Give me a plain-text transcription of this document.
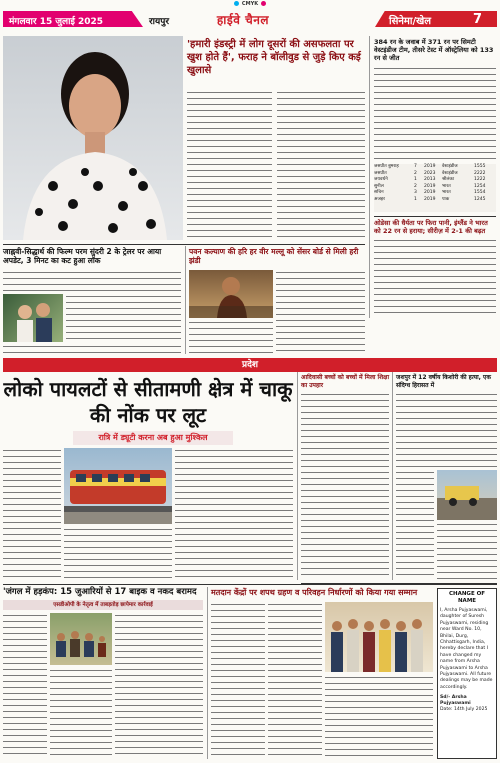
CMYK
मंगलवार 15 जुलाई 2025	रायपुर	हाईवे चैनल	सिनेमा/खेल	7
'हमारी इंडस्ट्री में लोग दूसरों की असफलता पर खुश होते हैं', फराह ने बॉलीवुड से जुड़े किए कई खुलासे
384 रन के जवाब में 371 रन पर सिमटी वेस्टइंडीज टीम, तीसरे टेस्ट में ऑस्ट्रेलिया को 133 रन से जीत
जसप्रीत बुमराह	7	2019	वेस्टइंडीज	1555
जसप्रीत	2	2023	वेस्टइंडीज	2222
जयवर्धने	1	2013	श्रीलंका	1222
सुनील	2	2019	भारत	1254
सचिन	3	2019	भारत	1554
अजहर	1	2019	पाक	1245
ओडेसा की धैर्यता पर फिरा पानी, इंग्लैंड ने भारत को 22 रन से हराया; सीरीज़ में 2-1 की बढ़त
जाह्नवी-सिद्धार्थ की फिल्म परम सुंदरी 2 के ट्रेलर पर आया अपडेट, 3 मिनट का कट हुआ लॉक
पवन कल्याण की हरि हर वीर मल्लू को सेंसर बोर्ड से मिली हरी झंडी
प्रदेश
लोको पायलटों से सीतामणी क्षेत्र में चाकू की नोंक पर लूट
रात्रि में ड्यूटी करना अब हुआ मुश्किल
आदिवासी बच्चों को बच्चों में मिला शिक्षा का उपहार
जशपुर में 12 वर्षीय किशोरी की हत्या, एक संदिग्ध हिरासत में
'जंगल में हड़कंप: 15 जुआरियों से 17 बाइक व नकद बरामद
एसडीओपी के नेतृत्व में ताबड़तोड़ छापेमार कार्रवाई
मतदान केंद्रों पर शपथ ग्रहण व परिवहन निर्धारणों को किया गया सम्मान	CHANGE OF NAME
I, Arsha Pujyaswami, daughter of Suresh Pujyaswami, residing near Ward No. 10, Bhilai, Durg, Chhattisgarh, India, hereby declare that I have changed my name from Arsha Pujyaswami to Arsha Pujyaswami. All future dealings may be made accordingly.
Sd/- Arsha Pujyaswami
Date: 14th July 2025
